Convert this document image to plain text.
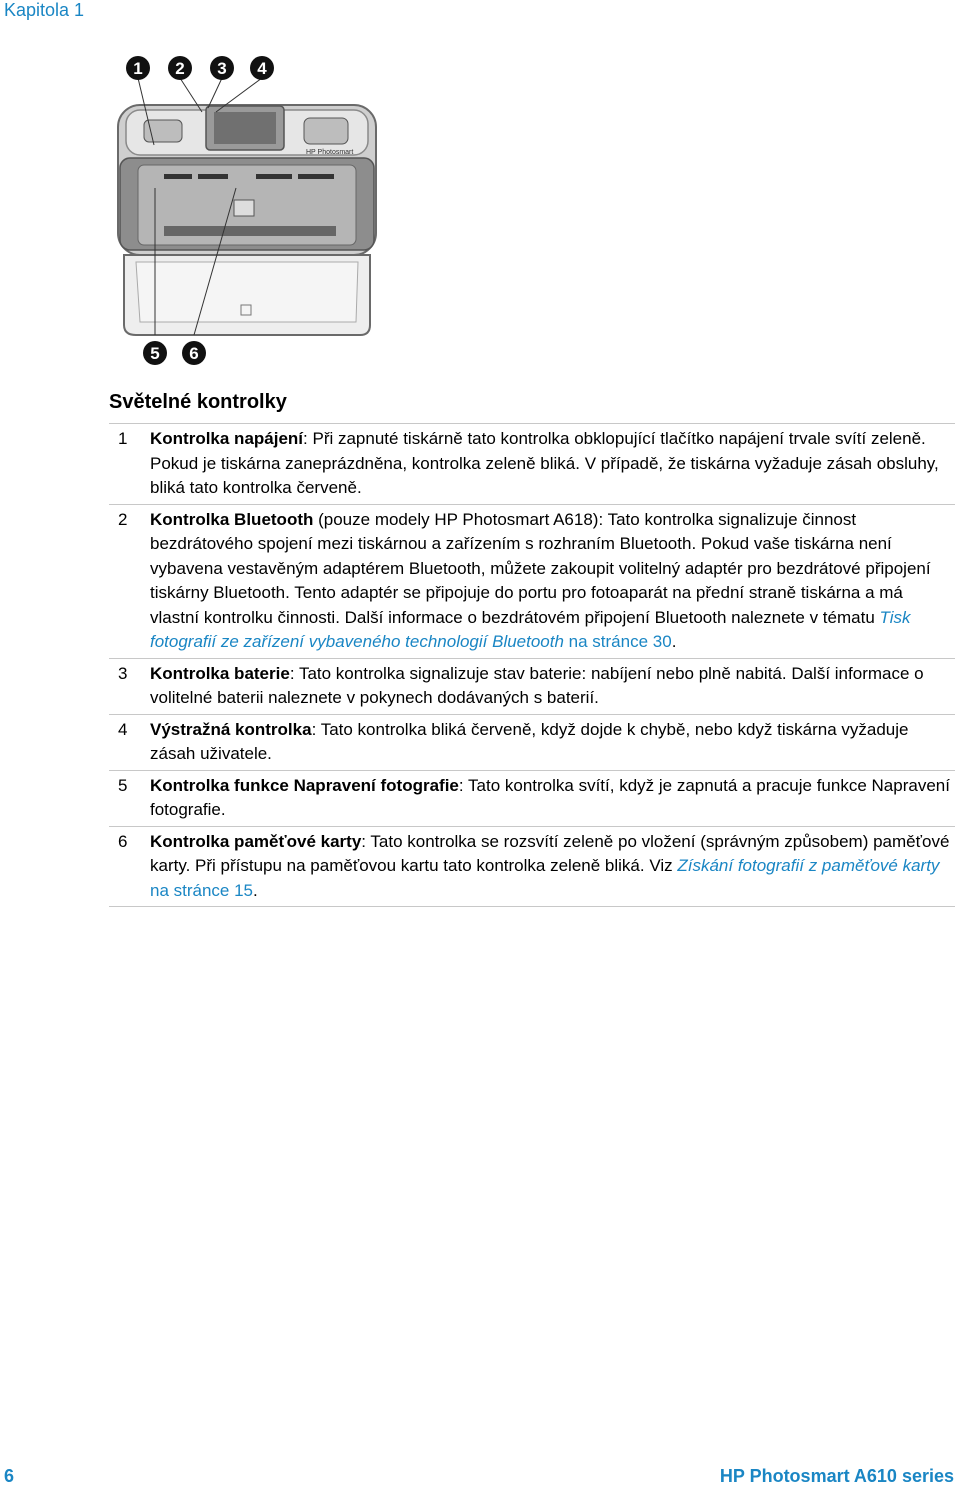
Kapitola 1
HP Photosmart
1 2 3 4
5 6
Světelné kontrolky
1	Kontrolka napájení: Při zapnuté tiskárně tato kontrolka obklopující tlačítko napájení trvale svítí zeleně. Pokud je tiskárna zaneprázdněna, kontrolka zeleně bliká. V případě, že tiskárna vyžaduje zásah obsluhy, bliká tato kontrolka červeně.
2	Kontrolka Bluetooth (pouze modely HP Photosmart A618): Tato kontrolka signalizuje činnost bezdrátového spojení mezi tiskárnou a zařízením s rozhraním Bluetooth. Pokud vaše tiskárna není vybavena vestavěným adaptérem Bluetooth, můžete zakoupit volitelný adaptér pro bezdrátové připojení tiskárny Bluetooth. Tento adaptér se připojuje do portu pro fotoaparát na přední straně tiskárna a má vlastní kontrolku činnosti. Další informace o bezdrátovém připojení Bluetooth naleznete v tématu Tisk fotografií ze zařízení vybaveného technologií Bluetooth na stránce 30.
3	Kontrolka baterie: Tato kontrolka signalizuje stav baterie: nabíjení nebo plně nabitá. Další informace o volitelné baterii naleznete v pokynech dodávaných s baterií.
4	Výstražná kontrolka: Tato kontrolka bliká červeně, když dojde k chybě, nebo když tiskárna vyžaduje zásah uživatele.
5	Kontrolka funkce Napravení fotografie: Tato kontrolka svítí, když je zapnutá a pracuje funkce Napravení fotografie.
6	Kontrolka paměťové karty: Tato kontrolka se rozsvítí zeleně po vložení (správným způsobem) paměťové karty. Při přístupu na paměťovou kartu tato kontrolka zeleně bliká. Viz Získání fotografií z paměťové karty na stránce 15.
6	HP Photosmart A610 series
